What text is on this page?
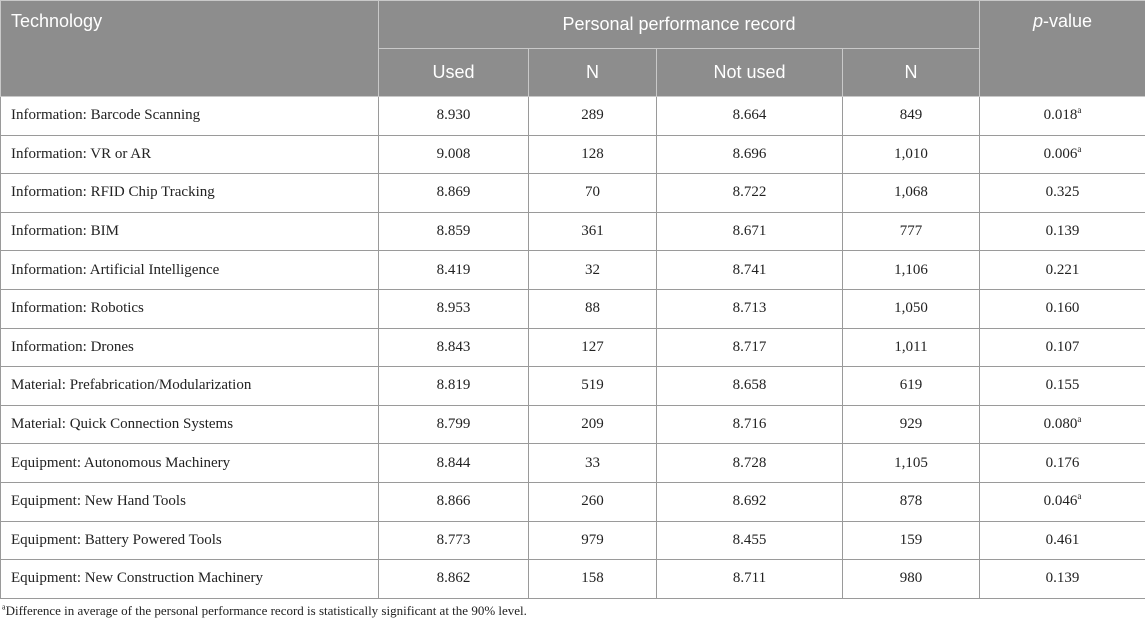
Technology	Personal performance record				p-value
	Used	N	Not used	N	
Information: Barcode Scanning	8.930	289	8.664	849	0.018$^a$
Information: VR or AR	9.008	128	8.696	1,010	0.006$^a$
Information: RFID Chip Tracking	8.869	70	8.722	1,068	0.325
Information: BIM	8.859	361	8.671	777	0.139
Information: Artificial Intelligence	8.419	32	8.741	1,106	0.221
Information: Robotics	8.953	88	8.713	1,050	0.160
Information: Drones	8.843	127	8.717	1,011	0.107
Material: Prefabrication/Modularization	8.819	519	8.658	619	0.155
Material: Quick Connection Systems	8.799	209	8.716	929	0.080$^a$
Equipment: Autonomous Machinery	8.844	33	8.728	1,105	0.176
Equipment: New Hand Tools	8.866	260	8.692	878	0.046$^a$
Equipment: Battery Powered Tools	8.773	979	8.455	159	0.461
Equipment: New Construction Machinery	8.862	158	8.711	980	0.139
$^a$Difference in average of the personal performance record is statistically significant at the 90% level.
